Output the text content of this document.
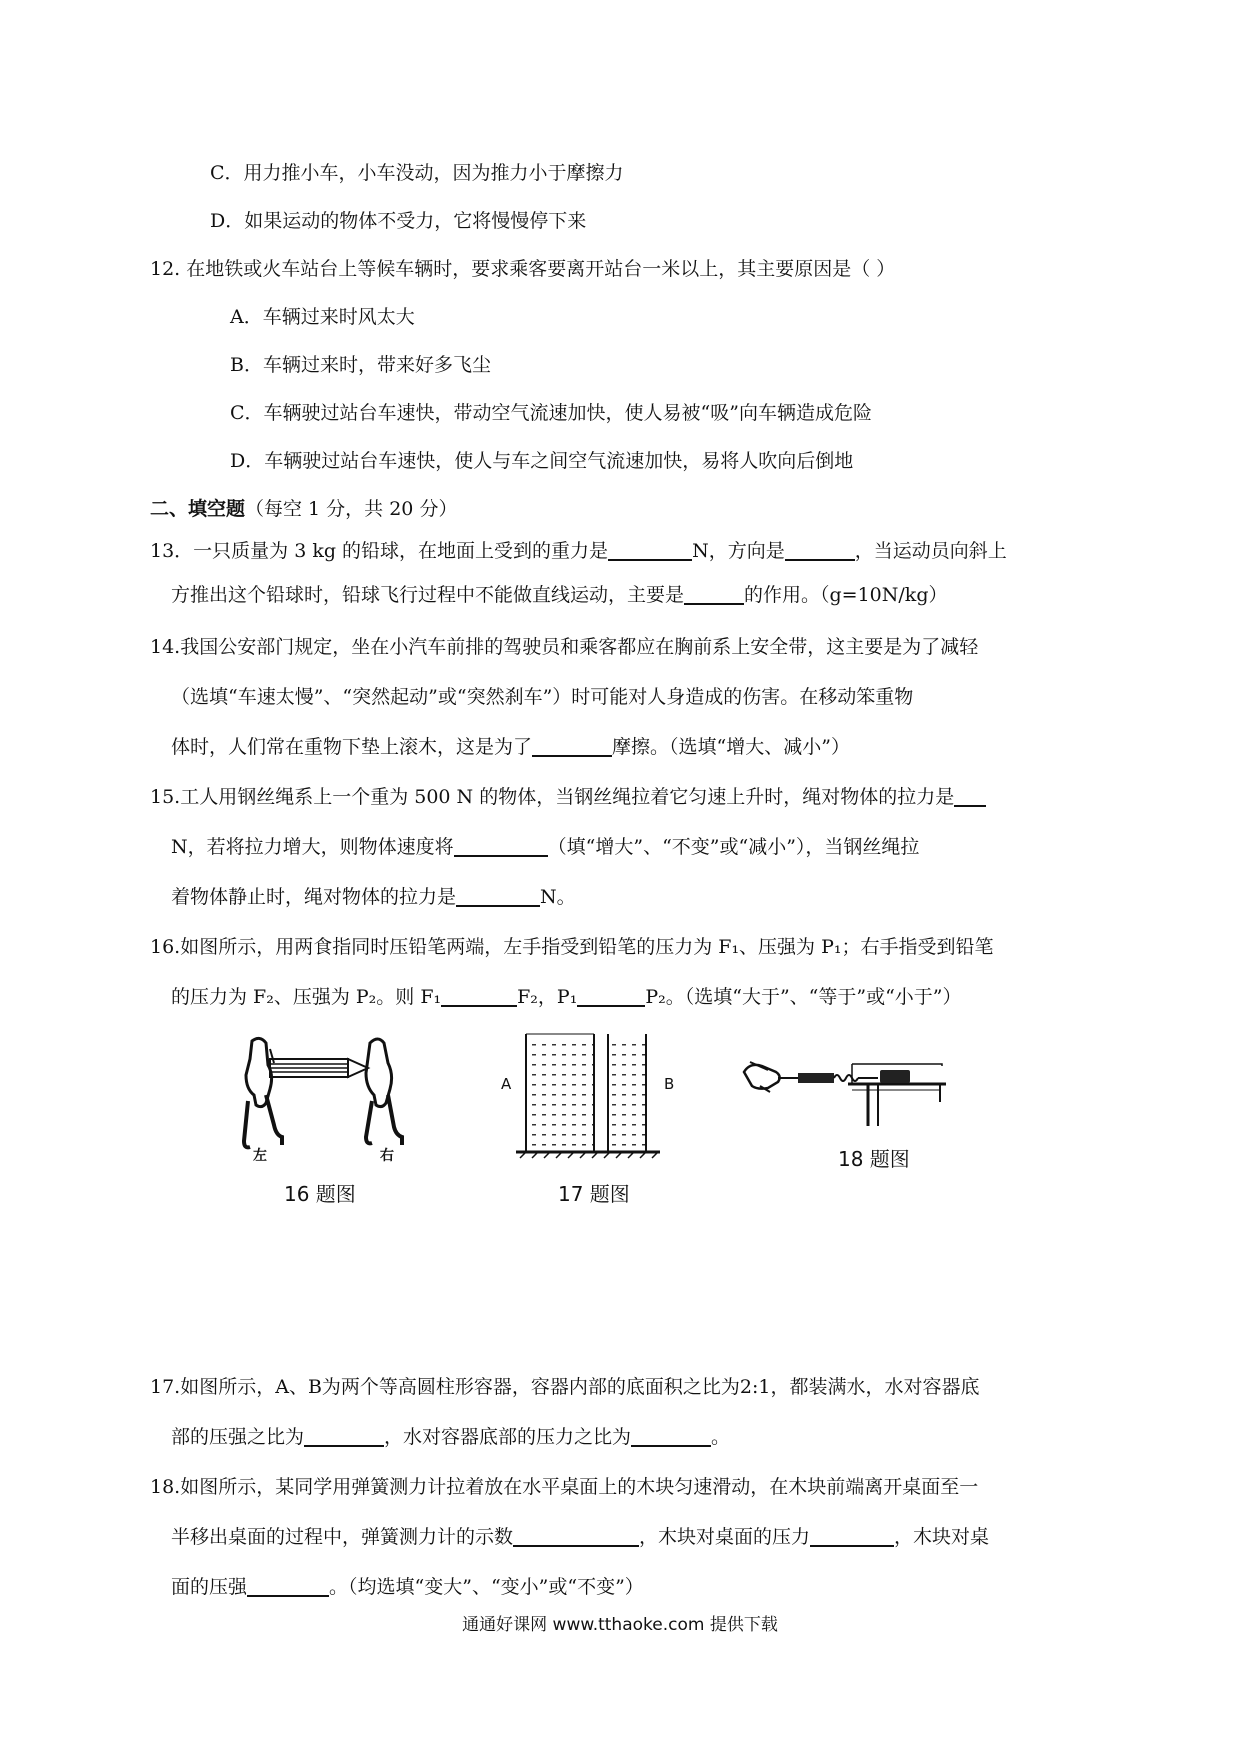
C．用力推小车，小车没动，因为推力小于摩擦力
D．如果运动的物体不受力，它将慢慢停下来
12. 在地铁或火车站台上等候车辆时，要求乘客要离开站台一米以上，其主要原因是（ ）
A．车辆过来时风太大
B．车辆过来时，带来好多飞尘
C．车辆驶过站台车速快，带动空气流速加快，使人易被“吸”向车辆造成危险
D．车辆驶过站台车速快，使人与车之间空气流速加快，易将人吹向后倒地
二、填空题（每空 1 分，共 20 分）
13．一只质量为 3 kg 的铅球，在地面上受到的重力是	N，方向是	，当运动员向斜上
方推出这个铅球时，铅球飞行过程中不能做直线运动，主要是	的作用。（g=10N/kg）
14.我国公安部门规定，坐在小汽车前排的驾驶员和乘客都应在胸前系上安全带，这主要是为了减轻
（选填“车速太慢”、“突然起动”或“突然刹车”）时可能对人身造成的伤害。在移动笨重物
体时，人们常在重物下垫上滚木，这是为了	摩擦。（选填“增大、减小”）
15.工人用钢丝绳系上一个重为 500 N 的物体，当钢丝绳拉着它匀速上升时，绳对物体的拉力是
N，若将拉力增大，则物体速度将	（填“增大”、“不变”或“减小”），当钢丝绳拉
着物体静止时，绳对物体的拉力是	N。
16.如图所示，用两食指同时压铅笔两端，左手指受到铅笔的压力为 F₁、压强为 P₁；右手指受到铅笔
的压力为 F₂、压强为 P₂。则 F₁	F₂，P₁	P₂。（选填“大于”、“等于”或“小于”）
左	右
16 题图
A	B
17 题图
18 题图
17.如图所示，A、B为两个等高圆柱形容器，容器内部的底面积之比为2:1，都装满水，水对容器底
部的压强之比为	，水对容器底部的压力之比为	。
18.如图所示，某同学用弹簧测力计拉着放在水平桌面上的木块匀速滑动，在木块前端离开桌面至一
半移出桌面的过程中，弹簧测力计的示数	，木块对桌面的压力	，木块对桌
面的压强	。（均选填“变大”、“变小”或“不变”）
通通好课网 www.tthaoke.com 提供下载
